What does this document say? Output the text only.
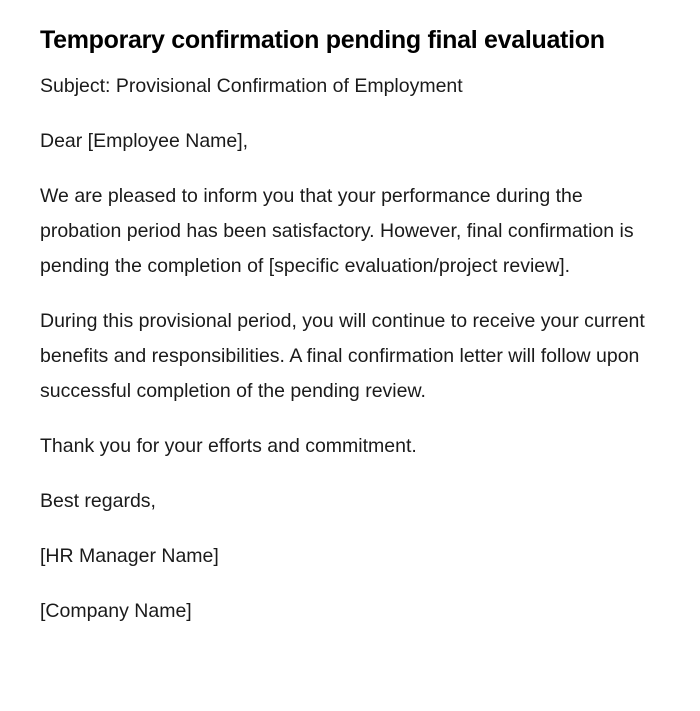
Temporary confirmation pending final evaluation

Subject: Provisional Confirmation of Employment

Dear [Employee Name],

We are pleased to inform you that your performance during the probation period has been satisfactory. However, final confirmation is pending the completion of [specific evaluation/project review].

During this provisional period, you will continue to receive your current benefits and responsibilities. A final confirmation letter will follow upon successful completion of the pending review.

Thank you for your efforts and commitment.

Best regards,

[HR Manager Name]

[Company Name]
